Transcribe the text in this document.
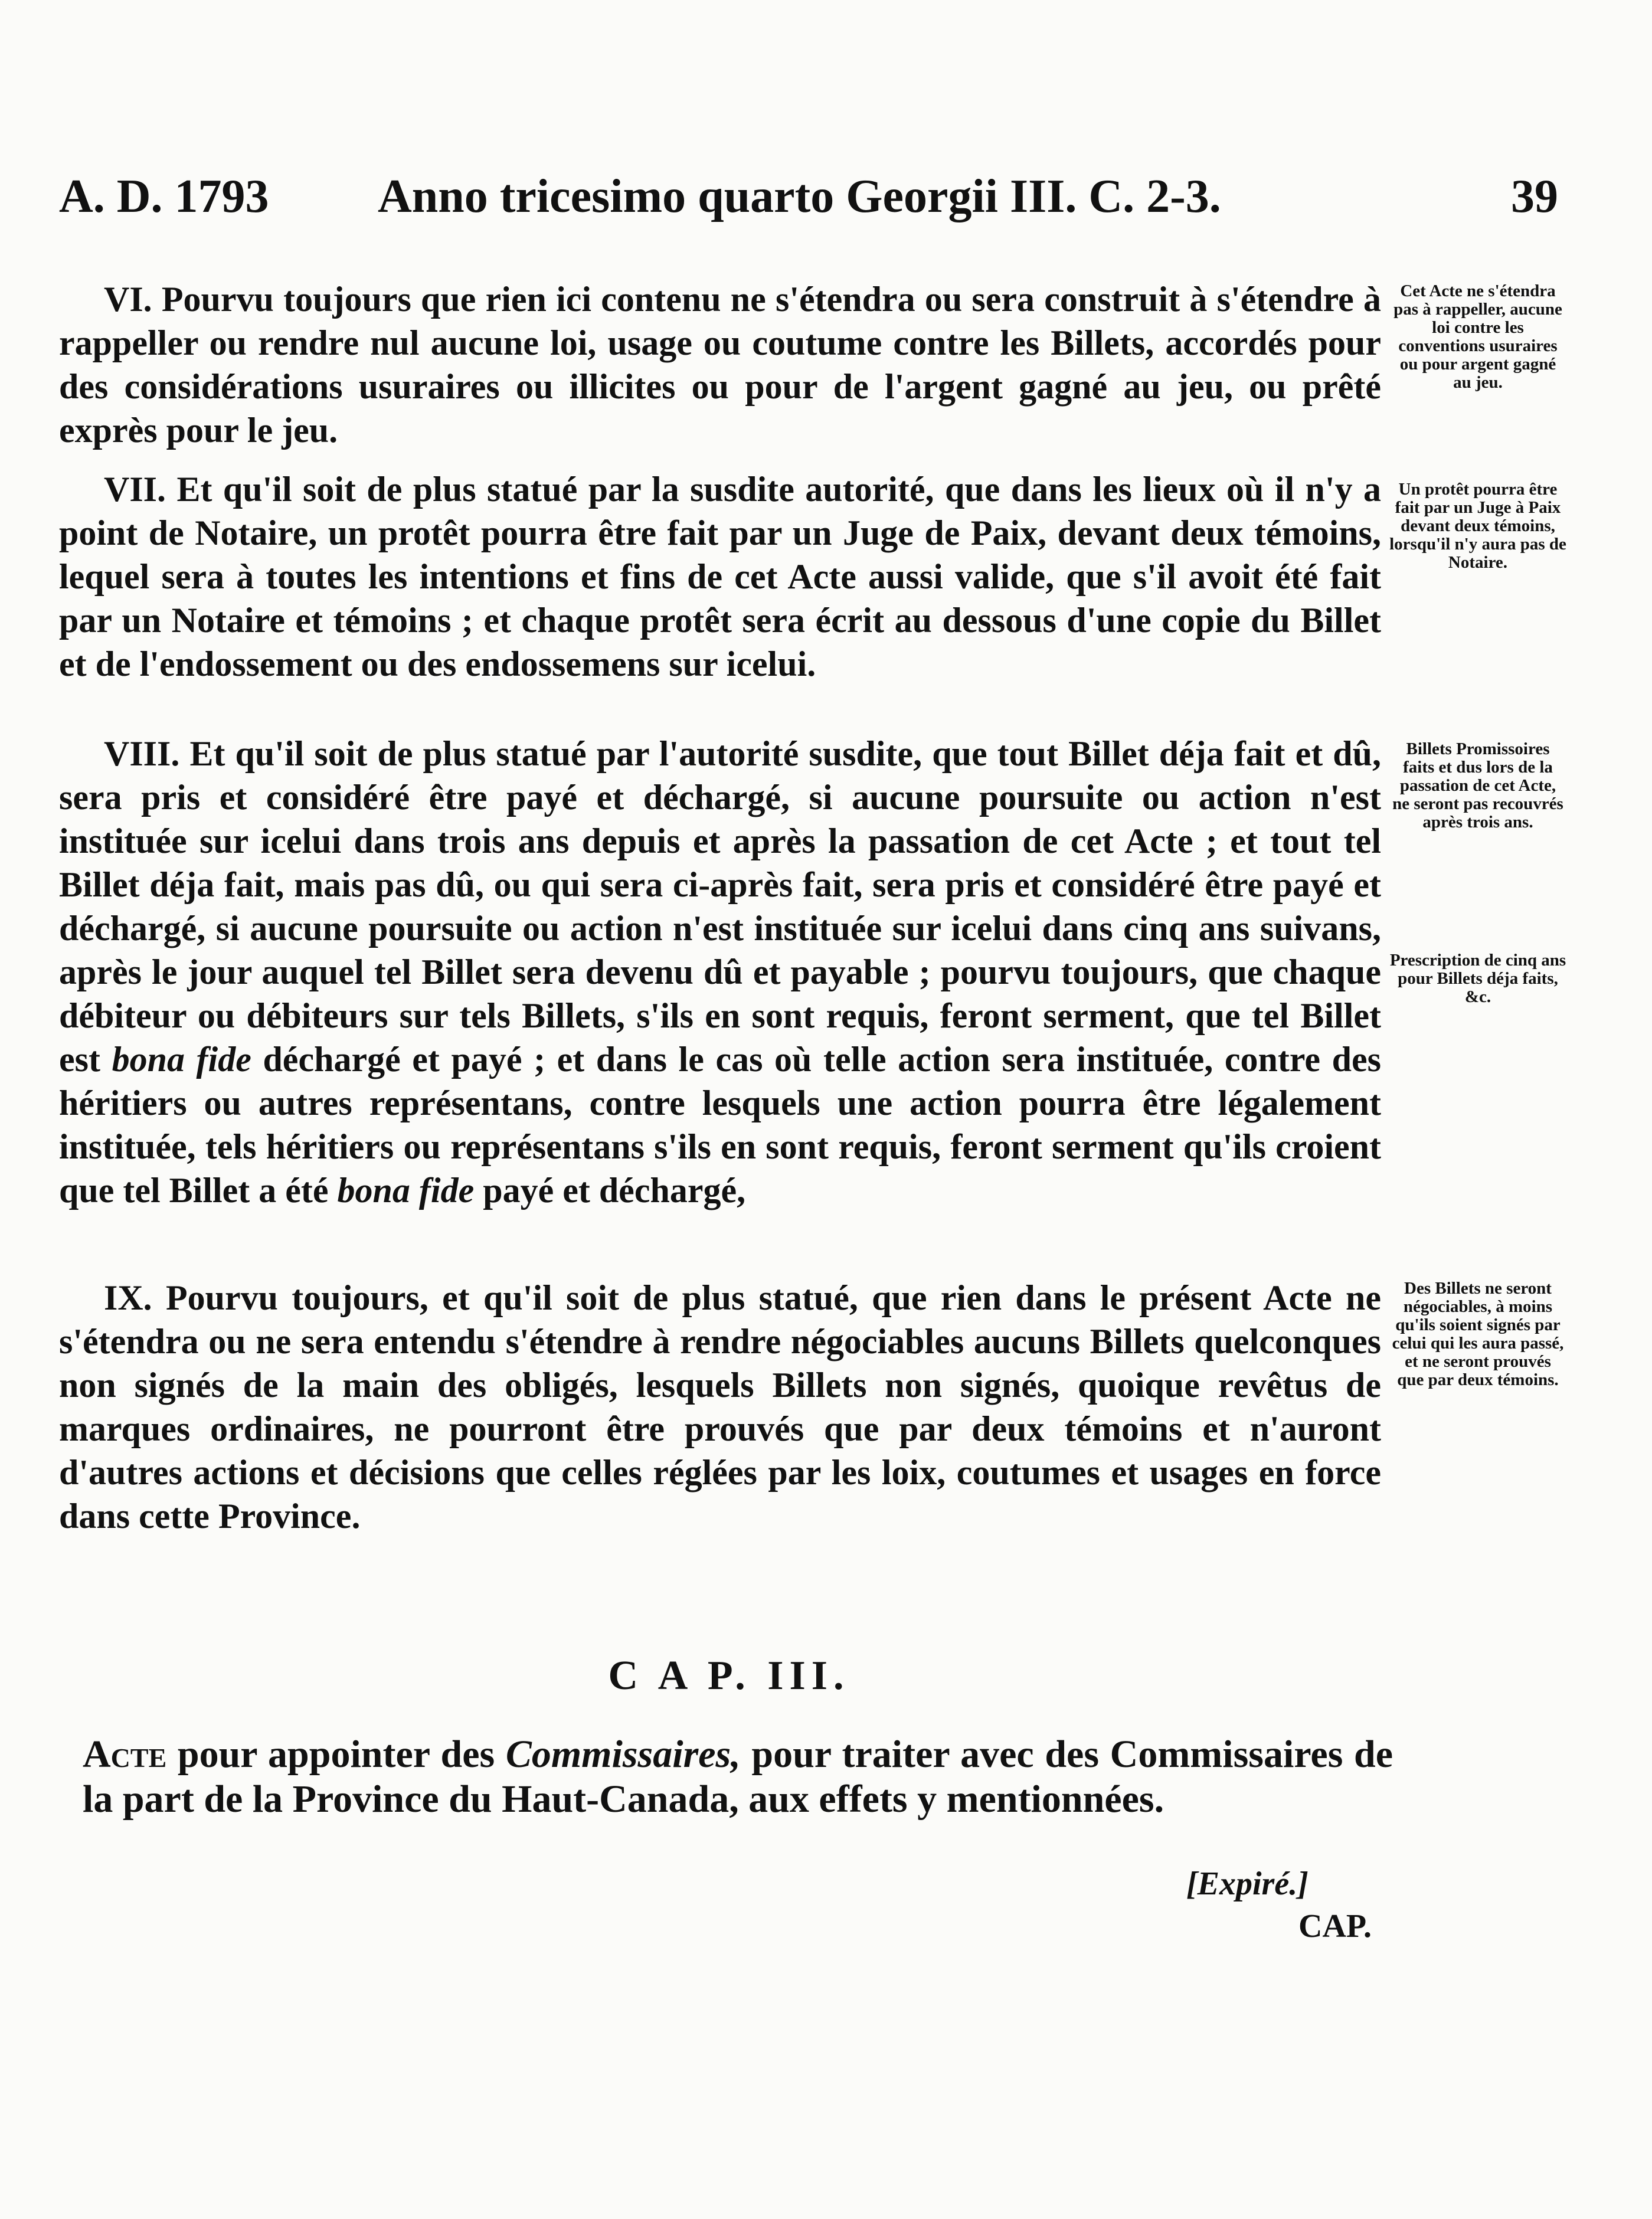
A. D. 1793 Anno tricesimo quarto Georgii III. C. 2-3.	39
VI. Pourvu toujours que rien ici contenu ne s'étendra ou sera construit à s'étendre à rappeller ou rendre nul aucune loi, usage ou coutume contre les Billets, accordés pour des considérations usuraires ou illicites ou pour de l'argent gagné au jeu, ou prêté exprès pour le jeu.
Cet Acte ne s'étendra pas à rappeller, aucune loi contre les conventions usuraires ou pour argent gagné au jeu.
VII. Et qu'il soit de plus statué par la susdite autorité, que dans les lieux où il n'y a point de Notaire, un protêt pourra être fait par un Juge de Paix, devant deux témoins, lequel sera à toutes les intentions et fins de cet Acte aussi valide, que s'il avoit été fait par un Notaire et témoins ; et chaque protêt sera écrit au dessous d'une copie du Billet et de l'endossement ou des endossemens sur icelui.
Un protêt pourra être fait par un Juge à Paix devant deux témoins, lorsqu'il n'y aura pas de Notaire.
VIII. Et qu'il soit de plus statué par l'autorité susdite, que tout Billet déja fait et dû, sera pris et considéré être payé et déchargé, si aucune poursuite ou action n'est instituée sur icelui dans trois ans depuis et après la passation de cet Acte ; et tout tel Billet déja fait, mais pas dû, ou qui sera ci-après fait, sera pris et considéré être payé et déchargé, si aucune poursuite ou action n'est instituée sur icelui dans cinq ans suivans, après le jour auquel tel Billet sera devenu dû et payable ; pourvu toujours, que chaque débiteur ou débiteurs sur tels Billets, s'ils en sont requis, feront serment, que tel Billet est bona fide déchargé et payé ; et dans le cas où telle action sera instituée, contre des héritiers ou autres représentans, contre lesquels une action pourra être légalement instituée, tels héritiers ou représentans s'ils en sont requis, feront serment qu'ils croient que tel Billet a été bona fide payé et déchargé,
Billets Promissoires faits et dus lors de la passation de cet Acte, ne seront pas recouvrés après trois ans.
Prescription de cinq ans pour Billets déja faits, &c.
IX. Pourvu toujours, et qu'il soit de plus statué, que rien dans le présent Acte ne s'étendra ou ne sera entendu s'étendre à rendre négociables aucuns Billets quelconques non signés de la main des obligés, lesquels Billets non signés, quoique revêtus de marques ordinaires, ne pourront être prouvés que par deux témoins et n'auront d'autres actions et décisions que celles réglées par les loix, coutumes et usages en force dans cette Province.
Des Billets ne seront négociables, à moins qu'ils soient signés par celui qui les aura passé, et ne seront prouvés que par deux témoins.
C A P. III.
Acte pour appointer des Commissaires, pour traiter avec des Commissaires de la part de la Province du Haut-Canada, aux effets y mentionnées.
[Expiré.]
CAP.
